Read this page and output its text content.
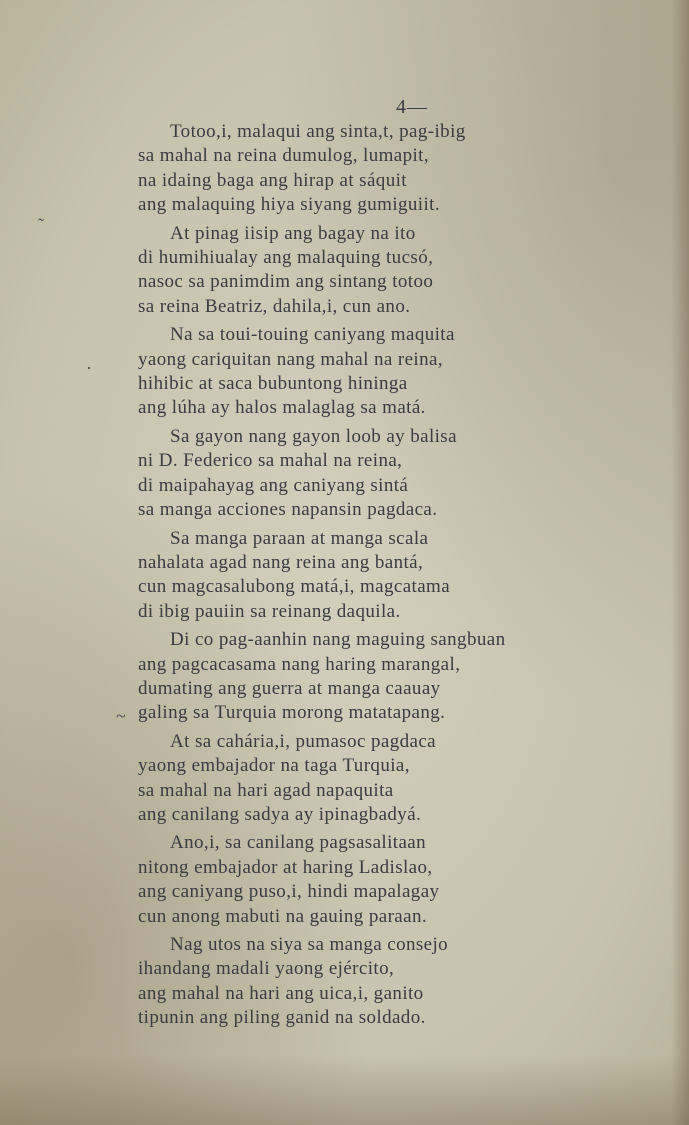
˜
·
~
4—
Totoo,i, malaqui ang sinta,t, pag-ibig
sa mahal na reina dumulog, lumapit,
na idaing baga ang hirap at sáquit
ang malaquing hiya siyang gumiguiit.
At pinag iisip ang bagay na ito
di humihiualay ang malaquing tucsó,
nasoc sa panimdim ang sintang totoo
sa reina Beatriz, dahila,i, cun ano.
Na sa toui-touing caniyang maquita
yaong cariquitan nang mahal na reina,
hihibic at saca bubuntong hininga
ang lúha ay halos malaglag sa matá.
Sa gayon nang gayon loob ay balisa
ni D. Federico sa mahal na reina,
di maipahayag ang caniyang sintá
sa manga acciones napansin pagdaca.
Sa manga paraan at manga scala
nahalata agad nang reina ang bantá,
cun magcasalubong matá,i, magcatama
di ibig pauiin sa reinang daquila.
Di co pag-aanhin nang maguing sangbuan
ang pagcacasama nang haring marangal,
dumating ang guerra at manga caauay
galing sa Turquia morong matatapang.
At sa cahária,i, pumasoc pagdaca
yaong embajador na taga Turquia,
sa mahal na hari agad napaquita
ang canilang sadya ay ipinagbadyá.
Ano,i, sa canilang pagsasalitaan
nitong embajador at haring Ladislao,
ang caniyang puso,i, hindi mapalagay
cun anong mabuti na gauing paraan.
Nag utos na siya sa manga consejo
ihandang madali yaong ejército,
ang mahal na hari ang uica,i, ganito
tipunin ang piling ganid na soldado.
